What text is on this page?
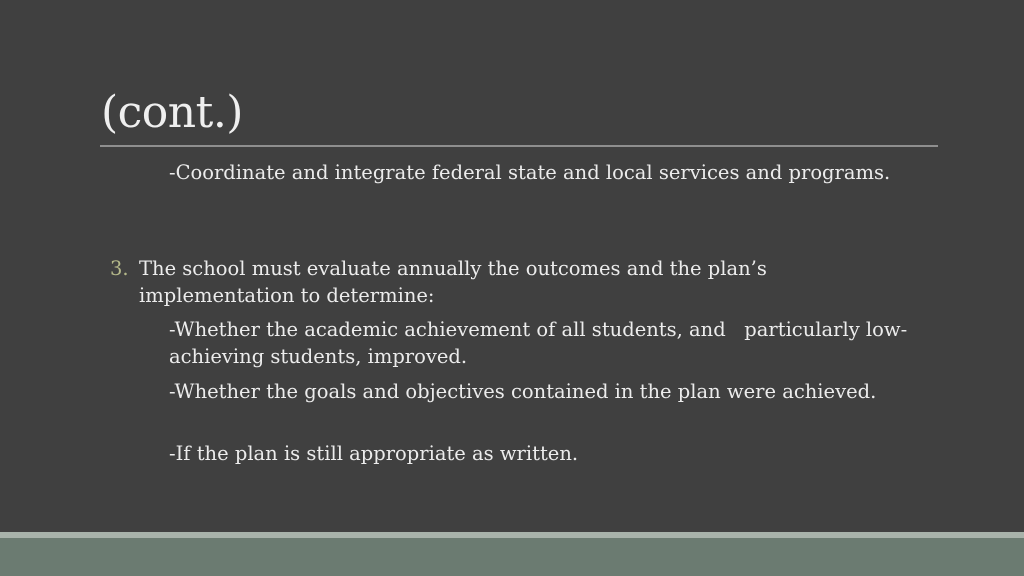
(cont.)

-Coordinate and integrate federal state and local services and programs.

3. The school must evaluate annually the outcomes and the plan’s implementation to determine:

-Whether the academic achievement of all students, and   particularly low-achieving students, improved.

-Whether the goals and objectives contained in the plan were achieved.

-If the plan is still appropriate as written.
